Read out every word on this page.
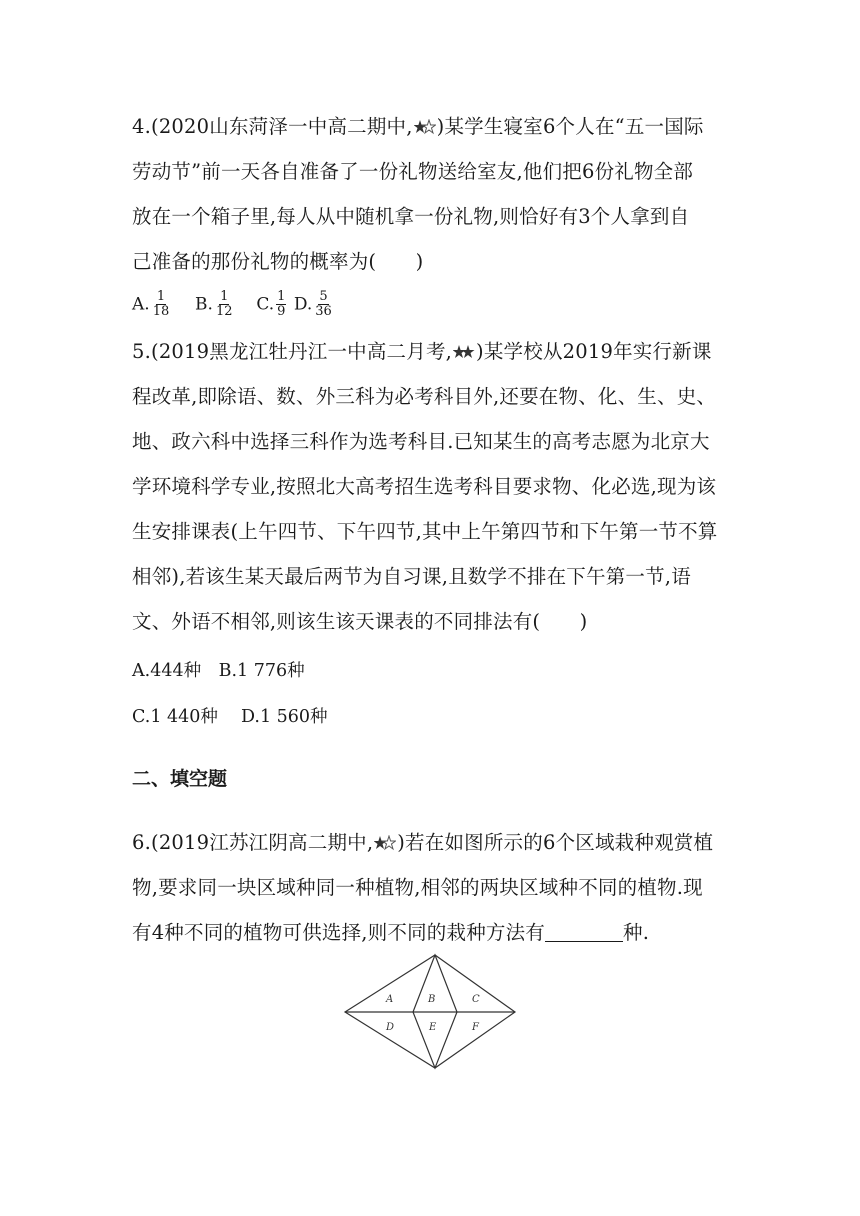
4.(2020山东菏泽一中高二期中, )某学生寝室6个人在“五一国际
劳动节”前一天各自准备了一份礼物送给室友,他们把6份礼物全部
放在一个箱子里,每人从中随机拿一份礼物,则恰好有3个人拿到自
己准备的那份礼物的概率为(　　)
A. $\frac{1}{18} B$. $\frac{1}{12} C$. $\frac{1}{9} D$. $\frac{5}{36}$
5.(2019黑龙江牡丹江一中高二月考, )某学校从2019年实行新课
程改革,即除语、数、外三科为必考科目外,还要在物、化、生、史、
地、政六科中选择三科作为选考科目.已知某生的高考志愿为北京大
学环境科学专业,按照北大高考招生选考科目要求物、化必选,现为该
生安排课表(上午四节、下午四节,其中上午第四节和下午第一节不算
相邻),若该生某天最后两节为自习课,且数学不排在下午第一节,语
文、外语不相邻,则该生该天课表的不同排法有(　　)
A.444种　B.1 776种
C.1 440种　 D.1 560种
二、填空题
6.(2019江苏江阴高二期中, )若在如图所示的6个区域栽种观赏植
物,要求同一块区域种同一种植物,相邻的两块区域种不同的植物.现
有4种不同的植物可供选择,则不同的栽种方法有	种.
A	B	C
D	E	F
